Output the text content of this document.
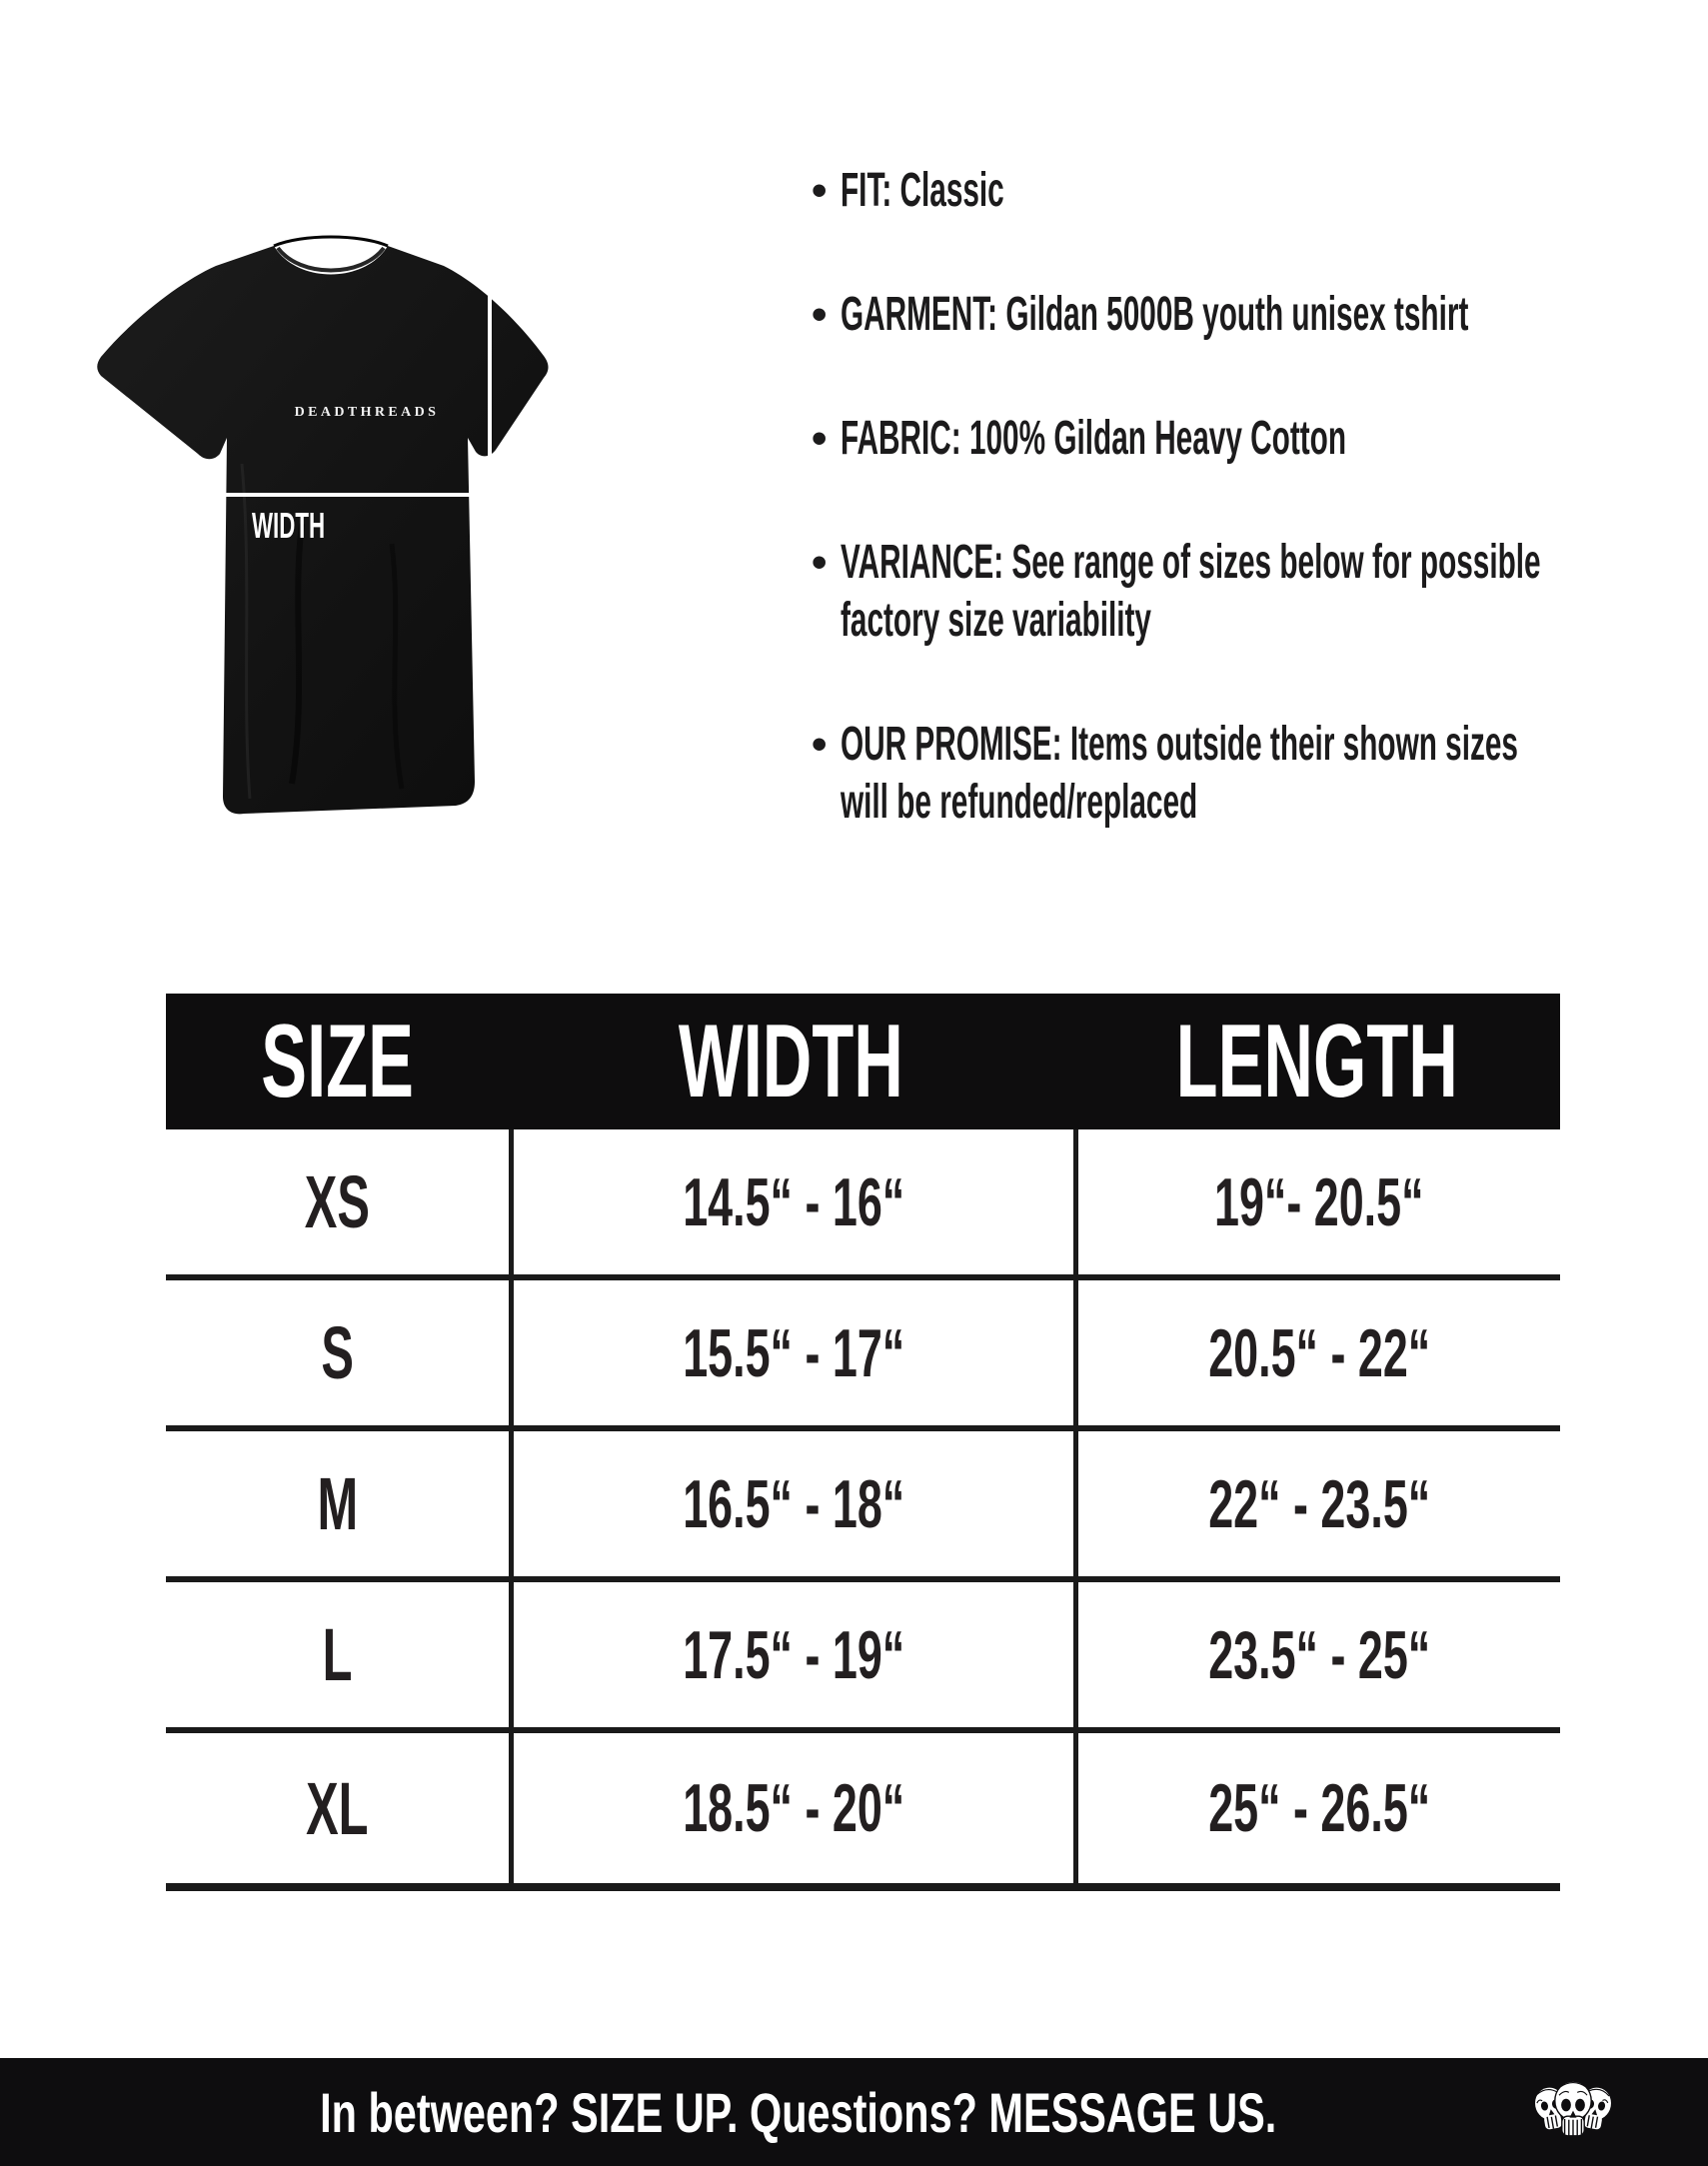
DEADTHREADS
WIDTH
LENGTH
• FIT: Classic
• GARMENT: Gildan 5000B youth unisex tshirt
• FABRIC: 100% Gildan Heavy Cotton
• VARIANCE: See range of sizes below for possible
factory size variability
• OUR PROMISE: Items outside their shown sizes
will be refunded/replaced
SIZE	WIDTH	LENGTH
XS	14.5“ - 16“	19“- 20.5“
S	15.5“ - 17“	20.5“ - 22“
M	16.5“ - 18“	22“ - 23.5“
L	17.5“ - 19“	23.5“ - 25“
XL	18.5“ - 20“	25“ - 26.5“
In between? SIZE UP. Questions? MESSAGE US.
